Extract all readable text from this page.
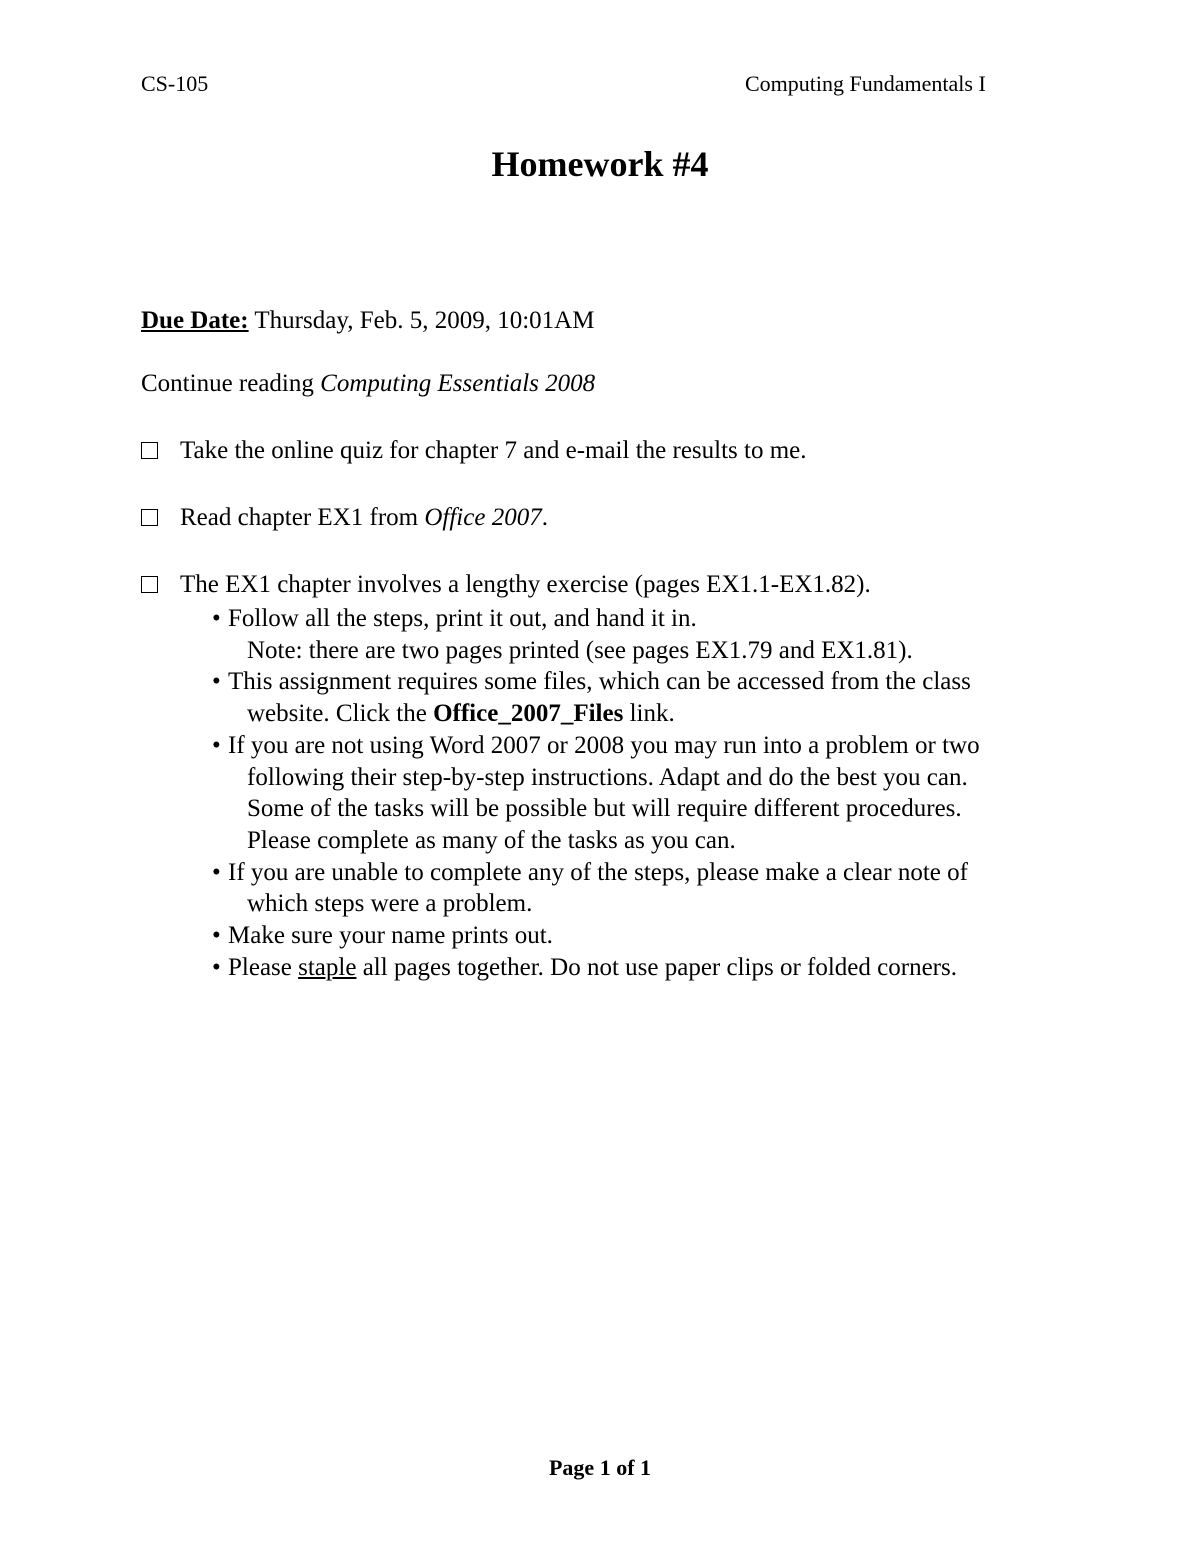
CS-105	Computing Fundamentals I
Homework #4
Due Date: Thursday, Feb. 5, 2009, 10:01AM
Continue reading Computing Essentials 2008
Take the online quiz for chapter 7 and e-mail the results to me.
Read chapter EX1 from Office 2007.
The EX1 chapter involves a lengthy exercise (pages EX1.1-EX1.82).
• Follow all the steps, print it out, and hand it in.
Note: there are two pages printed (see pages EX1.79 and EX1.81).
• This assignment requires some files, which can be accessed from the class
website. Click the Office_2007_Files link.
• If you are not using Word 2007 or 2008 you may run into a problem or two
following their step-by-step instructions. Adapt and do the best you can.
Some of the tasks will be possible but will require different procedures.
Please complete as many of the tasks as you can.
• If you are unable to complete any of the steps, please make a clear note of
which steps were a problem.
• Make sure your name prints out.
• Please staple all pages together. Do not use paper clips or folded corners.
Page 1 of 1
